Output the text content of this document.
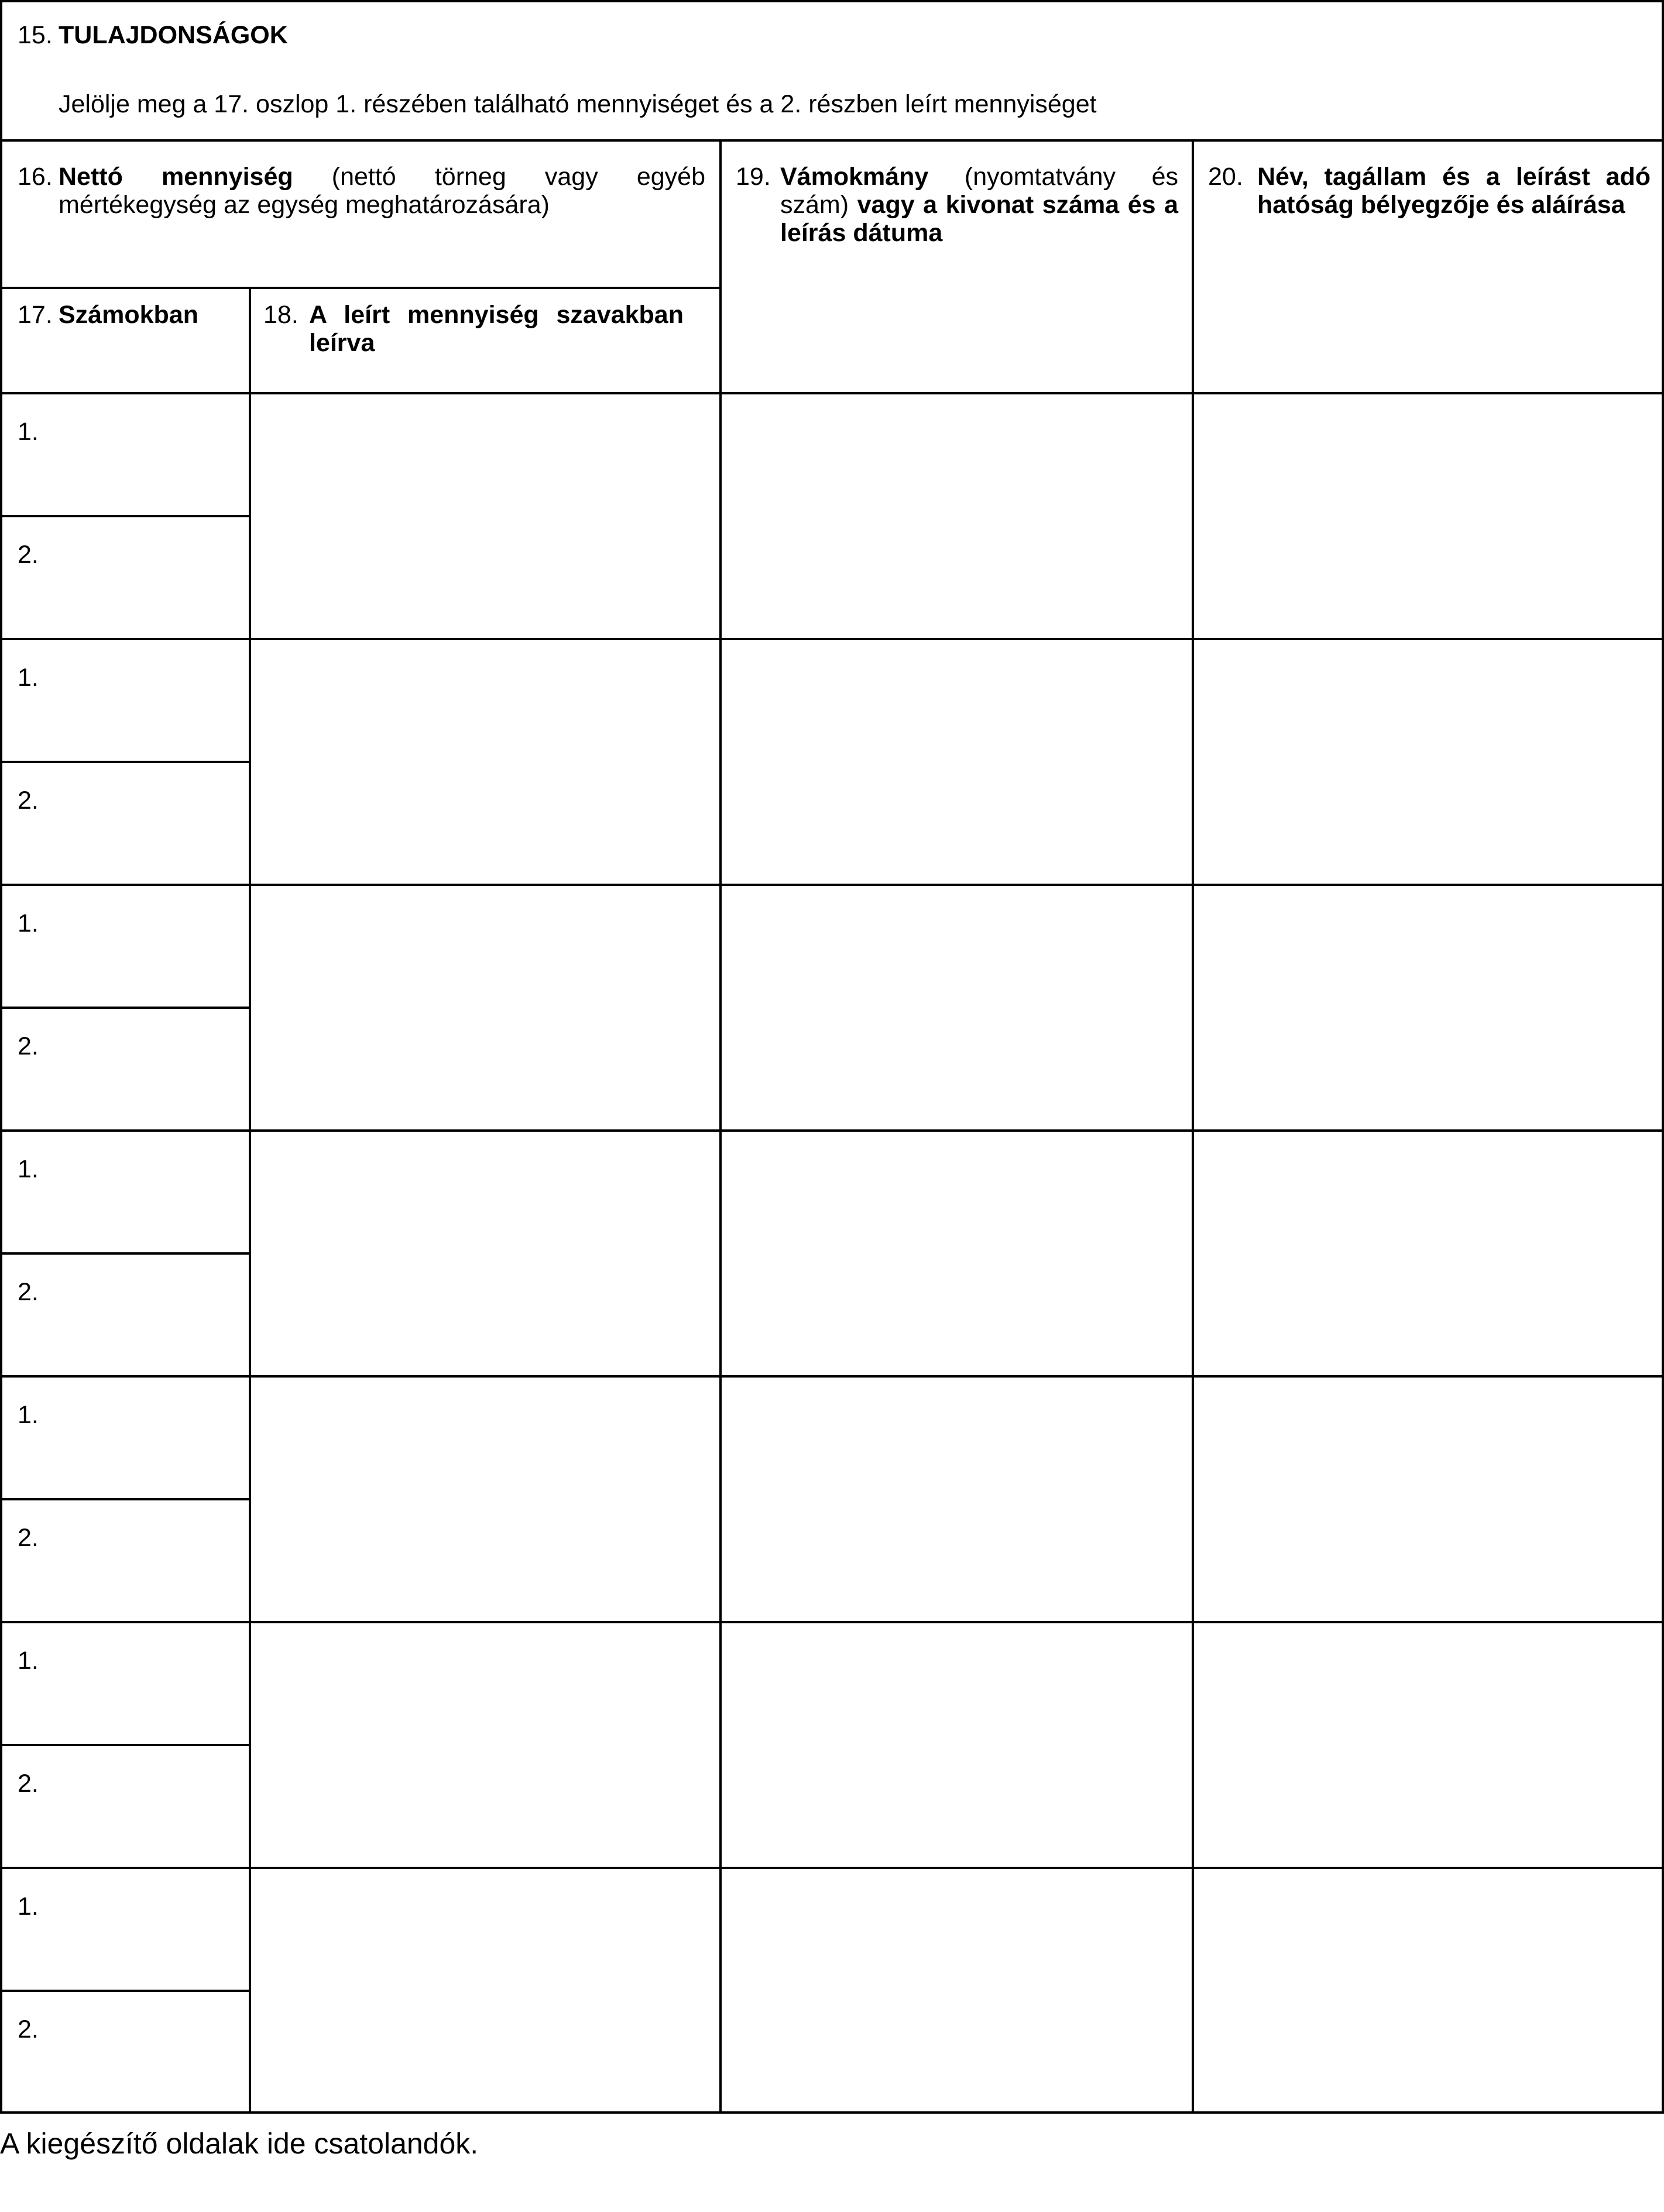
15. TULAJDONSÁGOK
Jelölje meg a 17. oszlop 1. részében található mennyiséget és a 2. részben leírt mennyiséget
16. Nettó mennyiség (nettó törneg vagy egyéb mértékegység az egység meghatározására)
17. Számokban	18. A leírt mennyiség szavakban leírva
19. Vámokmány (nyomtatvány és szám) vagy a kivonat száma és a leírás dátuma
20. Név, tagállam és a leírást adó hatóság bélyegzője és aláírása
1.
2.
1.
2.
1.
2.
1.
2.
1.
2.
1.
2.
1.
2.
A kiegészítő oldalak ide csatolandók.
